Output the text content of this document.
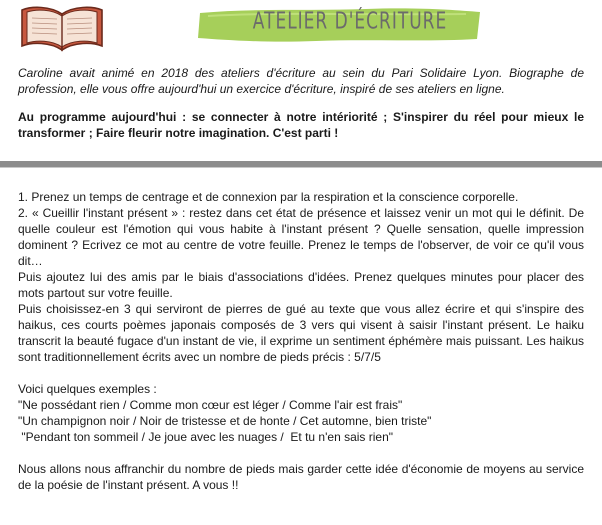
ATELIER D'ÉCRITURE

Caroline avait animé en 2018 des ateliers d'écriture au sein du Pari Solidaire Lyon. Biographe de profession, elle vous offre aujourd'hui un exercice d'écriture, inspiré de ses ateliers en ligne.

Au programme aujourd'hui : se connecter à notre intériorité ; S'inspirer du réel pour mieux le transformer ; Faire fleurir notre imagination. C'est parti !

1. Prenez un temps de centrage et de connexion par la respiration et la conscience corporelle.

2. « Cueillir l'instant présent » : restez dans cet état de présence et laissez venir un mot qui le définit. De quelle couleur est l'émotion qui vous habite à l'instant présent ? Quelle sensation, quelle impression dominent ? Ecrivez ce mot au centre de votre feuille. Prenez le temps de l'observer, de voir ce qu'il vous dit…

Puis ajoutez lui des amis par le biais d'associations d'idées. Prenez quelques minutes pour placer des mots partout sur votre feuille.

Puis choisissez-en 3 qui serviront de pierres de gué au texte que vous allez écrire et qui s'inspire des haikus, ces courts poèmes japonais composés de 3 vers qui visent à saisir l'instant présent. Le haiku transcrit la beauté fugace d'un instant de vie, il exprime un sentiment éphémère mais puissant. Les haikus sont traditionnellement écrits avec un nombre de pieds précis : 5/7/5

Voici quelques exemples :

"Ne possédant rien / Comme mon cœur est léger / Comme l'air est frais"

"Un champignon noir / Noir de tristesse et de honte / Cet automne, bien triste"

"Pendant ton sommeil / Je joue avec les nuages /  Et tu n'en sais rien"

Nous allons nous affranchir du nombre de pieds mais garder cette idée d'économie de moyens au service de la poésie de l'instant présent. A vous !!
